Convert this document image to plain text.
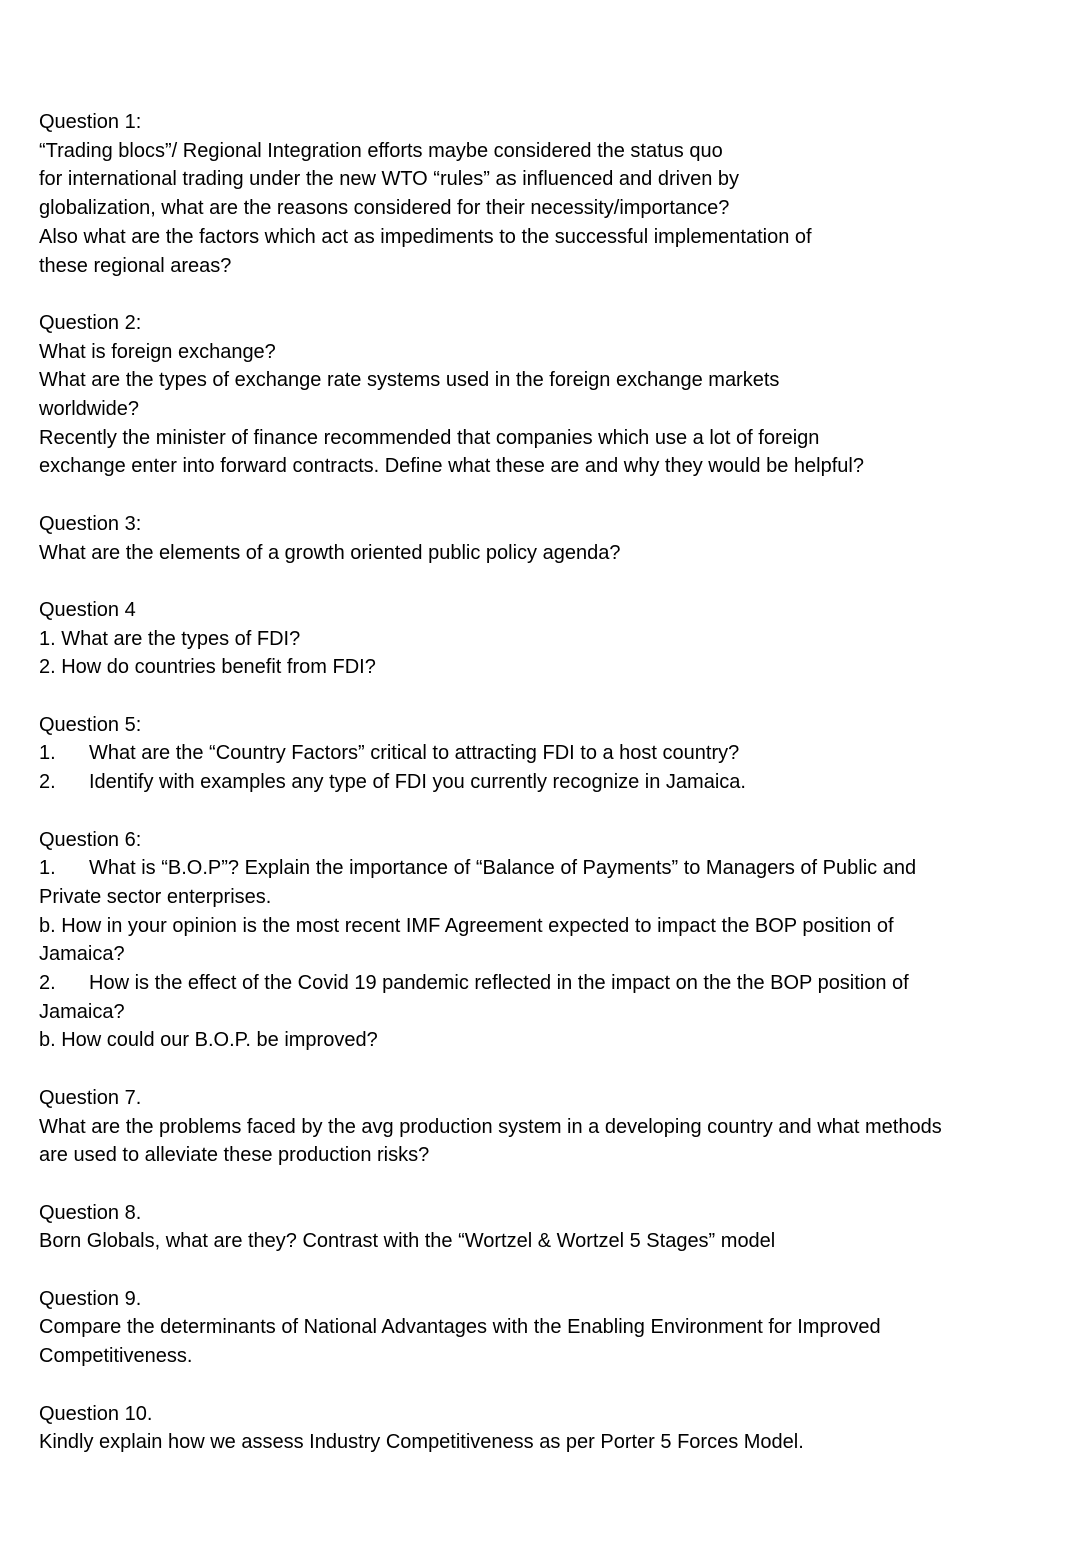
Question 1:
“Trading blocs”/ Regional Integration efforts maybe considered the status quo
for international trading under the new WTO “rules” as influenced and driven by
globalization, what are the reasons considered for their necessity/importance?
Also what are the factors which act as impediments to the successful implementation of
these regional areas?
Question 2:
What is foreign exchange?
What are the types of exchange rate systems used in the foreign exchange markets
worldwide?
Recently the minister of finance recommended that companies which use a lot of foreign
exchange enter into forward contracts. Define what these are and why they would be helpful?
Question 3:
What are the elements of a growth oriented public policy agenda?
Question 4
1. What are the types of FDI?
2. How do countries benefit from FDI?
Question 5:
1. What are the “Country Factors” critical to attracting FDI to a host country?
2. Identify with examples any type of FDI you currently recognize in Jamaica.
Question 6:
1. What is “B.O.P”? Explain the importance of “Balance of Payments” to Managers of Public and
Private sector enterprises.
b. How in your opinion is the most recent IMF Agreement expected to impact the BOP position of
Jamaica?
2. How is the effect of the Covid 19 pandemic reflected in the impact on the the BOP position of
Jamaica?
b. How could our B.O.P. be improved?
Question 7.
What are the problems faced by the avg production system in a developing country and what methods
are used to alleviate these production risks?
Question 8.
Born Globals, what are they? Contrast with the “Wortzel & Wortzel 5 Stages” model
Question 9.
Compare the determinants of National Advantages with the Enabling Environment for Improved
Competitiveness.
Question 10.
Kindly explain how we assess Industry Competitiveness as per Porter 5 Forces Model.
